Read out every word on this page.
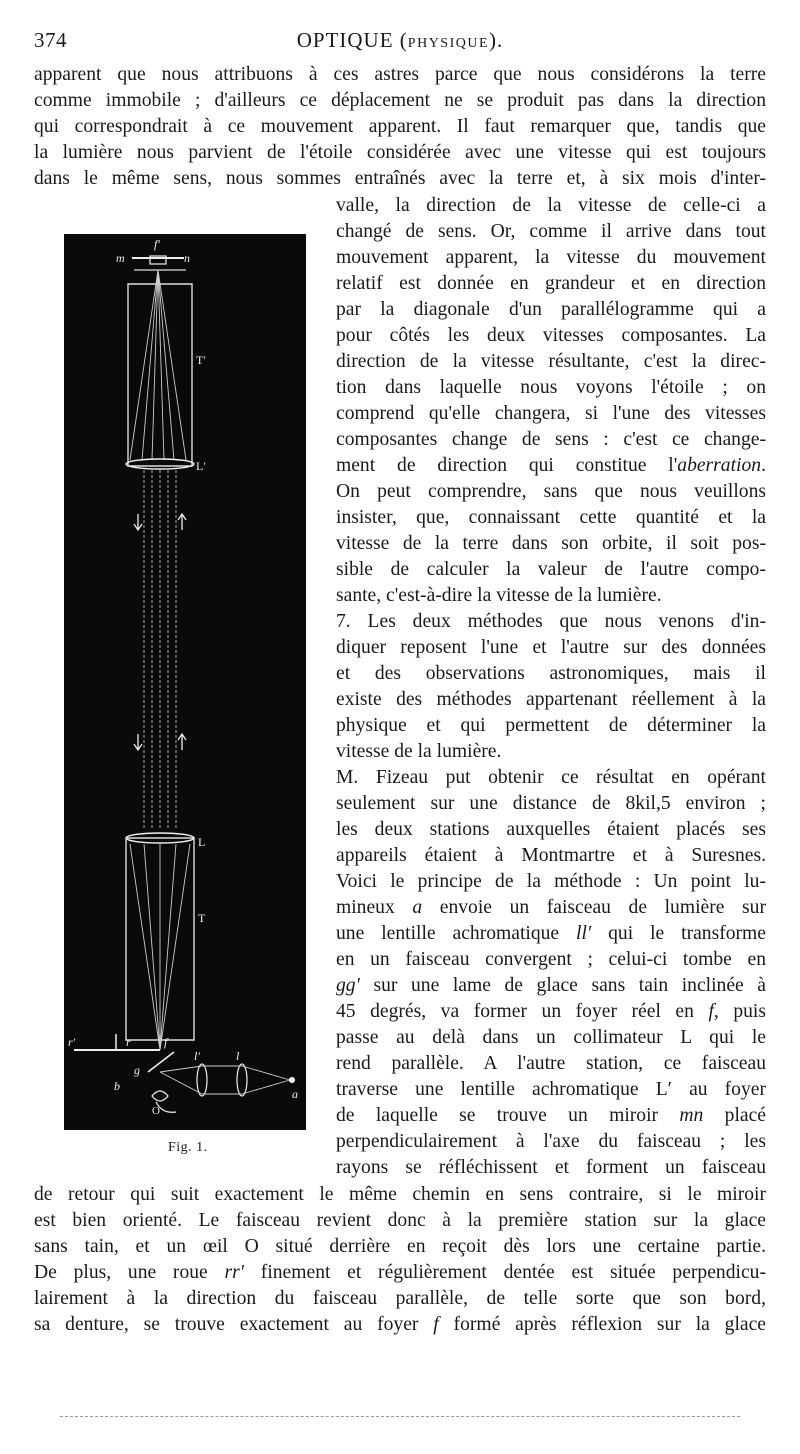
374	OPTIQUE (PHYSIQUE).
apparent que nous attribuons à ces astres parce que nous considérons la terre
comme immobile ; d'ailleurs ce déplacement ne se produit pas dans la direction
qui correspondrait à ce mouvement apparent. Il faut remarquer que, tandis que
la lumière nous parvient de l'étoile considérée avec une vitesse qui est toujours
dans le même sens, nous sommes entraînés avec la terre et, à six mois d'inter-
valle, la direction de la vitesse de celle-ci a
changé de sens. Or, comme il arrive dans tout
mouvement apparent, la vitesse du mouvement
relatif est donnée en grandeur et en direction
par la diagonale d'un parallélogramme qui a
pour côtés les deux vitesses composantes. La
direction de la vitesse résultante, c'est la direc-
tion dans laquelle nous voyons l'étoile ; on
comprend qu'elle changera, si l'une des vitesses
composantes change de sens : c'est ce change-
ment de direction qui constitue l'aberration.
On peut comprendre, sans que nous veuillons
insister, que, connaissant cette quantité et la
vitesse de la terre dans son orbite, il soit pos-
sible de calculer la valeur de l'autre compo-
sante, c'est-à-dire la vitesse de la lumière.
7. Les deux méthodes que nous venons d'in-
diquer reposent l'une et l'autre sur des données
et des observations astronomiques, mais il
existe des méthodes appartenant réellement à la
physique et qui permettent de déterminer la
vitesse de la lumière.
M. Fizeau put obtenir ce résultat en opérant
seulement sur une distance de 8kil,5 environ ;
les deux stations auxquelles étaient placés ses
appareils étaient à Montmartre et à Suresnes.
Voici le principe de la méthode : Un point lu-
mineux a envoie un faisceau de lumière sur
une lentille achromatique ll′ qui le transforme
en un faisceau convergent ; celui-ci tombe en
gg′ sur une lame de glace sans tain inclinée à
45 degrés, va former un foyer réel en f, puis
passe au delà dans un collimateur L qui le
rend parallèle. A l'autre station, ce faisceau
traverse une lentille achromatique L′ au foyer
de laquelle se trouve un miroir mn placé
perpendiculairement à l'axe du faisceau ; les
rayons se réfléchissent et forment un faisceau
de retour qui suit exactement le même chemin en sens contraire, si le miroir
est bien orienté. Le faisceau revient donc à la première station sur la glace
sans tain, et un œil O situé derrière en reçoit dès lors une certaine partie.
De plus, une roue rr′ finement et régulièrement dentée est située perpendicu-
lairement à la direction du faisceau parallèle, de telle sorte que son bord,
sa denture, se trouve exactement au foyer f formé après réflexion sur la glace
m
f′
n
T′
L′
L
T
r′	r	f
g
b
O
l′	l
a
Fig. 1.
